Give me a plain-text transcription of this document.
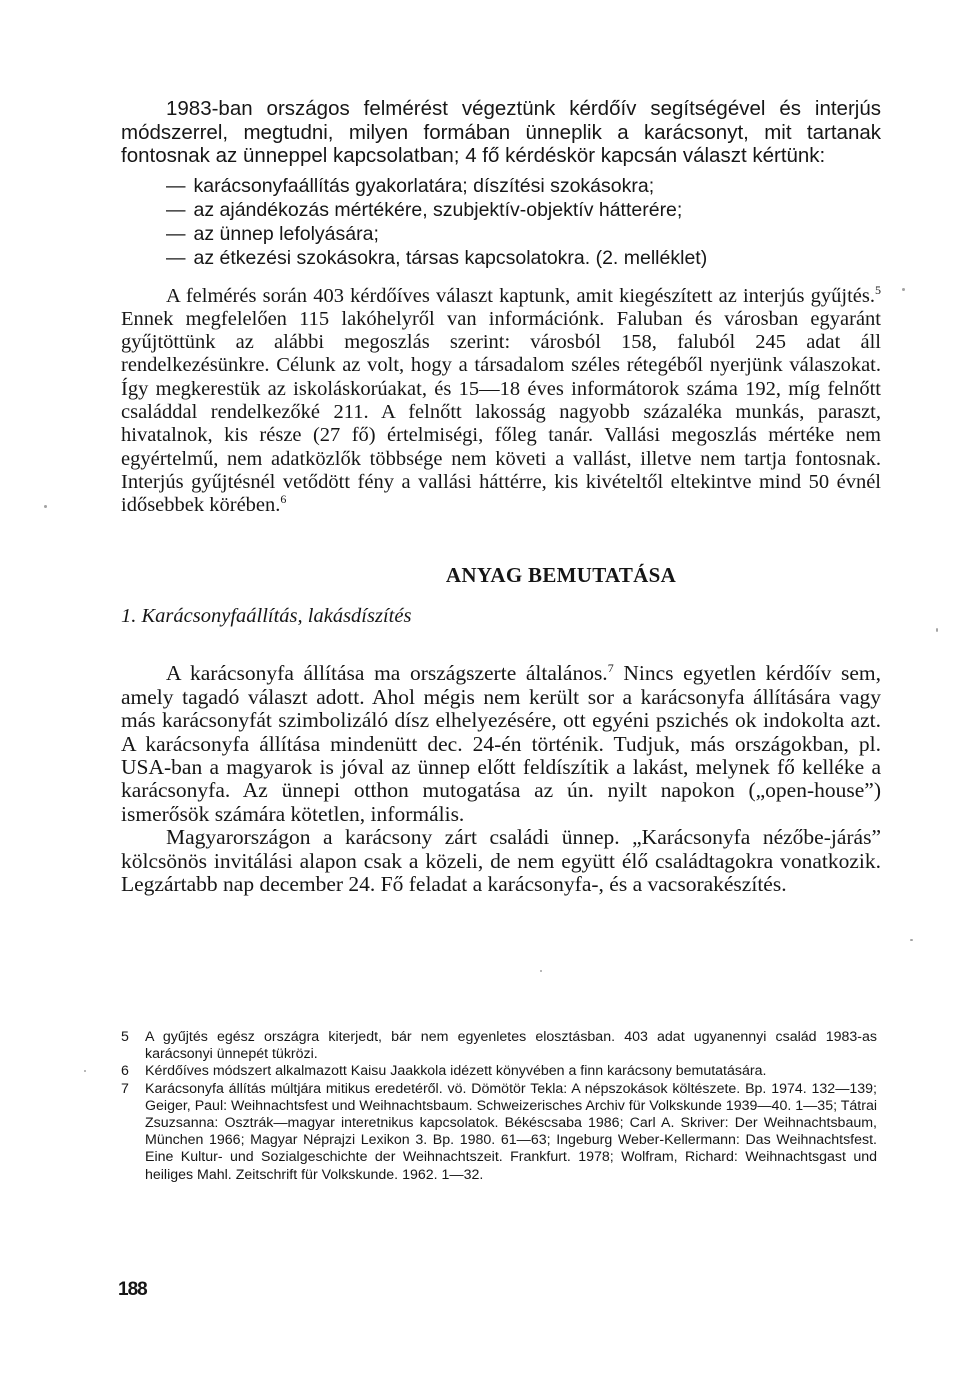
1983-ban országos felmérést végeztünk kérdőív segítségével és interjús módszerrel, megtudni, milyen formában ünneplik a karácsonyt, mit tartanak fontosnak az ünneppel kapcsolatban; 4 fő kérdéskör kapcsán választ kértünk:

— karácsonyfaállítás gyakorlatára; díszítési szokásokra;
— az ajándékozás mértékére, szubjektív-objektív hátterére;
— az ünnep lefolyására;
— az étkezési szokásokra, társas kapcsolatokra. (2. melléklet)

A felmérés során 403 kérdőíves választ kaptunk, amit kiegészített az interjús gyűjtés.$^5$ Ennek megfelelően 115 lakóhelyről van információnk. Faluban és városban egyaránt gyűjtöttünk az alábbi megoszlás szerint: városból 158, faluból 245 adat áll rendelkezésünkre. Célunk az volt, hogy a társadalom széles rétegéből nyerjünk válaszokat. Így megkerestük az iskoláskorúakat, és 15—18 éves informátorok száma 192, míg felnőtt családdal rendelkezőké 211. A felnőtt lakosság nagyobb százaléka munkás, paraszt, hivatalnok, kis része (27 fő) értelmiségi, főleg tanár. Vallási megoszlás mértéke nem egyértelmű, nem adatközlők többsége nem követi a vallást, illetve nem tartja fontosnak. Interjús gyűjtésnél vetődött fény a vallási háttérre, kis kivételtől eltekintve mind 50 évnél idősebbek körében.$^6$

ANYAG BEMUTATÁSA

1. Karácsonyfaállítás, lakásdíszítés

A karácsonyfa állítása ma országszerte általános.$^7$ Nincs egyetlen kérdőív sem, amely tagadó választ adott. Ahol mégis nem került sor a karácsonyfa állítására vagy más karácsonyfát szimbolizáló dísz elhelyezésére, ott egyéni pszichés ok indokolta azt. A karácsonyfa állítása mindenütt dec. 24-én történik. Tudjuk, más országokban, pl. USA-ban a magyarok is jóval az ünnep előtt feldíszítik a lakást, melynek fő kelléke a karácsonyfa. Az ünnepi otthon mutogatása az ún. nyilt napokon („open-house”) ismerősök számára kötetlen, informális.

Magyarországon a karácsony zárt családi ünnep. „Karácsonyfa nézőbe-járás” kölcsönös invitálási alapon csak a közeli, de nem együtt élő családtagokra vonatkozik. Legzártabb nap december 24. Fő feladat a karácsonyfa-, és a vacsorakészítés.

5 A gyűjtés egész országra kiterjedt, bár nem egyenletes elosztásban. 403 adat ugyanennyi család 1983-as karácsonyi ünnepét tükrözi.

6 Kérdőíves módszert alkalmazott Kaisu Jaakkola idézett könyvében a finn karácsony bemutatására.

7 Karácsonyfa állítás múltjára mitikus eredetéről. vö. Dömötör Tekla: A népszokások költészete. Bp. 1974. 132—139; Geiger, Paul: Weihnachtsfest und Weihnachtsbaum. Schweizerisches Archiv für Volkskunde 1939—40. 1—35; Tátrai Zsuzsanna: Osztrák—magyar interetnikus kapcsolatok. Békéscsaba 1986; Carl A. Skriver: Der Weihnachtsbaum, München 1966; Magyar Néprajzi Lexikon 3. Bp. 1980. 61—63; Ingeburg Weber-Kellermann: Das Weihnachtsfest. Eine Kultur- und Sozialgeschichte der Weihnachtszeit. Frankfurt. 1978; Wolfram, Richard: Weihnachtsgast und heiliges Mahl. Zeitschrift für Volkskunde. 1962. 1—32.

188
